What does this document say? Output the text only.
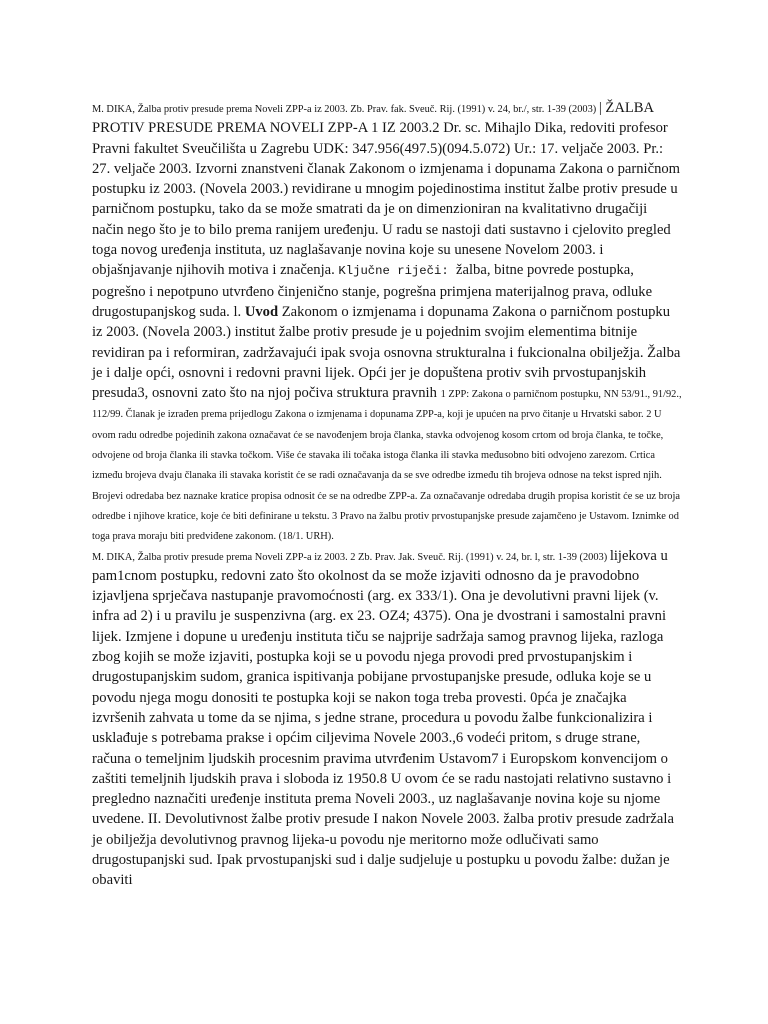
M. DIKA, Žalba protiv presude prema Noveli ZPP-a iz 2003. Zb. Prav. fak. Sveuč. Rij. (1991) v. 24, br./, str. 1-39 (2003) | ŽALBA PROTIV PRESUDE PREMA NOVELI ZPP-A 1 IZ 2003.2 Dr. sc. Mihajlo Dika, redoviti profesor Pravni fakultet Sveučilišta u Zagrebu UDK: 347.956(497.5)(094.5.072) Ur.: 17. veljače 2003. Pr.: 27. veljače 2003. Izvorni znanstveni članak Zakonom o izmjenama i dopunama Zakona o parničnom postupku iz 2003. (Novela 2003.) revidirane u mnogim pojedinostima institut žalbe protiv presude u parničnom postupku, tako da se može smatrati da je on dimenzioniran na kvalitativno drugačiji način nego što je to bilo prema ranijem uređenju. U radu se nastoji dati sustavno i cjelovito pregled toga novog uređenja instituta, uz naglašavanje novina koje su unesene Novelom 2003. i objašnjavanje njihovih motiva i značenja. Ključne riječi: žalba, bitne povrede postupka, pogrešno i nepotpuno utvrđeno činjenično stanje, pogrešna primjena materijalnog prava, odluke drugostupanjskog suda. l. Uvod Zakonom o izmjenama i dopunama Zakona o parničnom postupku iz 2003. (Novela 2003.) institut žalbe protiv presude je u pojednim svojim elementima bitnije revidiran pa i reformiran, zadržavajući ipak svoja osnovna strukturalna i fukcionalna obilježja. Žalba je i dalje opći, osnovni i redovni pravni lijek. Opći jer je dopuštena protiv svih prvostupanjskih presuda3, osnovni zato što na njoj počiva struktura pravnih 1 ZPP: Zakona o parničnom postupku, NN 53/91., 91/92., 112/99. Članak je izrađen prema prijedlogu Zakona o izmjenama i dopunama ZPP-a, koji je upućen na prvo čitanje u Hrvatski sabor. 2 U ovom radu odredbe pojedinih zakona označavat će se navođenjem broja članka, stavka odvojenog kosom crtom od broja članka, te točke, odvojene od broja članka ili stavka točkom. Više će stavaka ili točaka istoga članka ili stavka međusobno biti odvojeno zarezom. Crtica između brojeva dvaju članaka ili stavaka koristit će se radi označavanja da se sve odredbe između tih brojeva odnose na tekst ispred njih. Brojevi odredaba bez naznake kratice propisa odnosit će se na odredbe ZPP-a. Za označavanje odredaba drugih propisa koristit će se uz broja odredbe i njihove kratice, koje će biti definirane u tekstu. 3 Pravo na žalbu protiv prvostupanjske presude zajamčeno je Ustavom. Iznimke od toga prava moraju biti predviđene zakonom. (18/1. URH).

M. DIKA, Žalba protiv presude prema Noveli ZPP-a iz 2003. 2 Zb. Prav. Jak. Sveuč. Rij. (1991) v. 24, br. l, str. 1-39 (2003) lijekova u pam1cnom postupku, redovni zato što okolnost da se može izjaviti odnosno da je pravodobno izjavljena sprječava nastupanje pravomoćnosti (arg. ex 333/1). Ona je devolutivni pravni lijek (v. infra ad 2) i u pravilu je suspenzivna (arg. ex 23. OZ4; 4375). Ona je dvostrani i samostalni pravni lijek. Izmjene i dopune u uređenju instituta tiču se najprije sadržaja samog pravnog lijeka, razloga zbog kojih se može izjaviti, postupka koji se u povodu njega provodi pred prvostupanjskim i drugostupanjskim sudom, granica ispitivanja pobijane prvostupanjske presude, odluka koje se u povodu njega mogu donositi te postupka koji se nakon toga treba provesti. 0pća je značajka izvršenih zahvata u tome da se njima, s jedne strane, procedura u povodu žalbe funkcionalizira i usklađuje s potrebama prakse i općim ciljevima Novele 2003.,6 vodeći pritom, s druge strane, računa o temeljnim ljudskih procesnim pravima utvrđenim Ustavom7 i Europskom konvencijom o zaštiti temeljnih ljudskih prava i sloboda iz 1950.8 U ovom će se radu nastojati relativno sustavno i pregledno naznačiti uređenje instituta prema Noveli 2003., uz naglašavanje novina koje su njome uvedene. II. Devolutivnost žalbe protiv presude I nakon Novele 2003. žalba protiv presude zadržala je obilježja devolutivnog pravnog lijeka-u povodu nje meritorno može odlučivati samo drugostupanjski sud. Ipak prvostupanjski sud i dalje sudjeluje u postupku u povodu žalbe: dužan je obaviti
